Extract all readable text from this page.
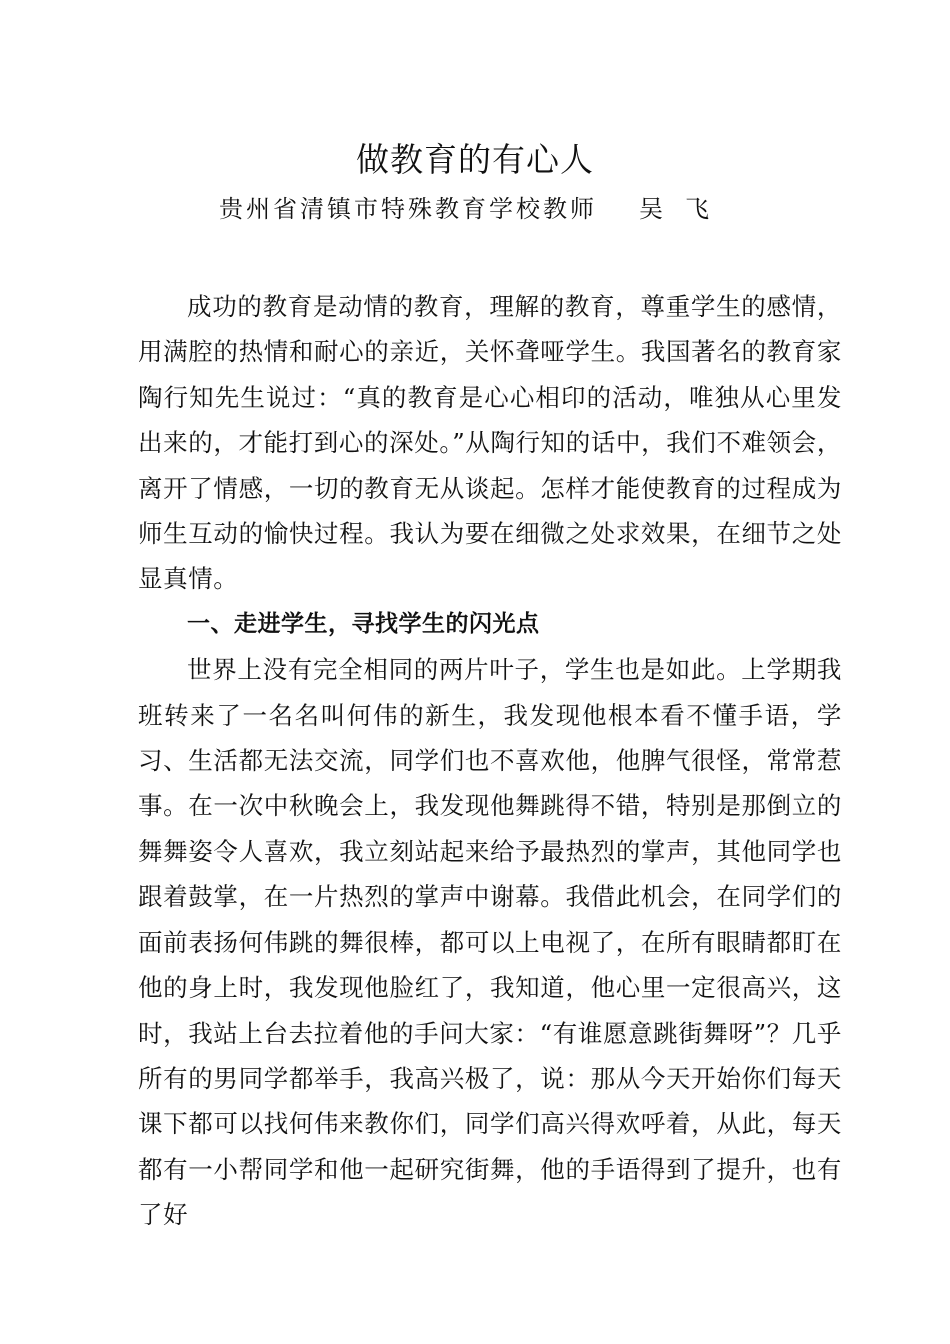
做教育的有心人
贵州省清镇市特殊教育学校教师 吴飞

成功的教育是动情的教育，理解的教育，尊重学生的感情，用满腔的热情和耐心的亲近，关怀聋哑学生。我国著名的教育家陶行知先生说过：“真的教育是心心相印的活动，唯独从心里发出来的，才能打到心的深处。”从陶行知的话中，我们不难领会，离开了情感，一切的教育无从谈起。怎样才能使教育的过程成为师生互动的愉快过程。我认为要在细微之处求效果，在细节之处显真情。

一、走进学生，寻找学生的闪光点

世界上没有完全相同的两片叶子，学生也是如此。上学期我班转来了一名名叫何伟的新生，我发现他根本看不懂手语，学习、生活都无法交流，同学们也不喜欢他，他脾气很怪，常常惹事。在一次中秋晚会上，我发现他舞跳得不错，特别是那倒立的舞舞姿令人喜欢，我立刻站起来给予最热烈的掌声，其他同学也跟着鼓掌，在一片热烈的掌声中谢幕。我借此机会，在同学们的面前表扬何伟跳的舞很棒，都可以上电视了，在所有眼睛都盯在他的身上时，我发现他脸红了，我知道，他心里一定很高兴，这时，我站上台去拉着他的手问大家：“有谁愿意跳街舞呀”？几乎所有的男同学都举手，我高兴极了，说：那从今天开始你们每天课下都可以找何伟来教你们，同学们高兴得欢呼着，从此，每天都有一小帮同学和他一起研究街舞，他的手语得到了提升，也有了好
